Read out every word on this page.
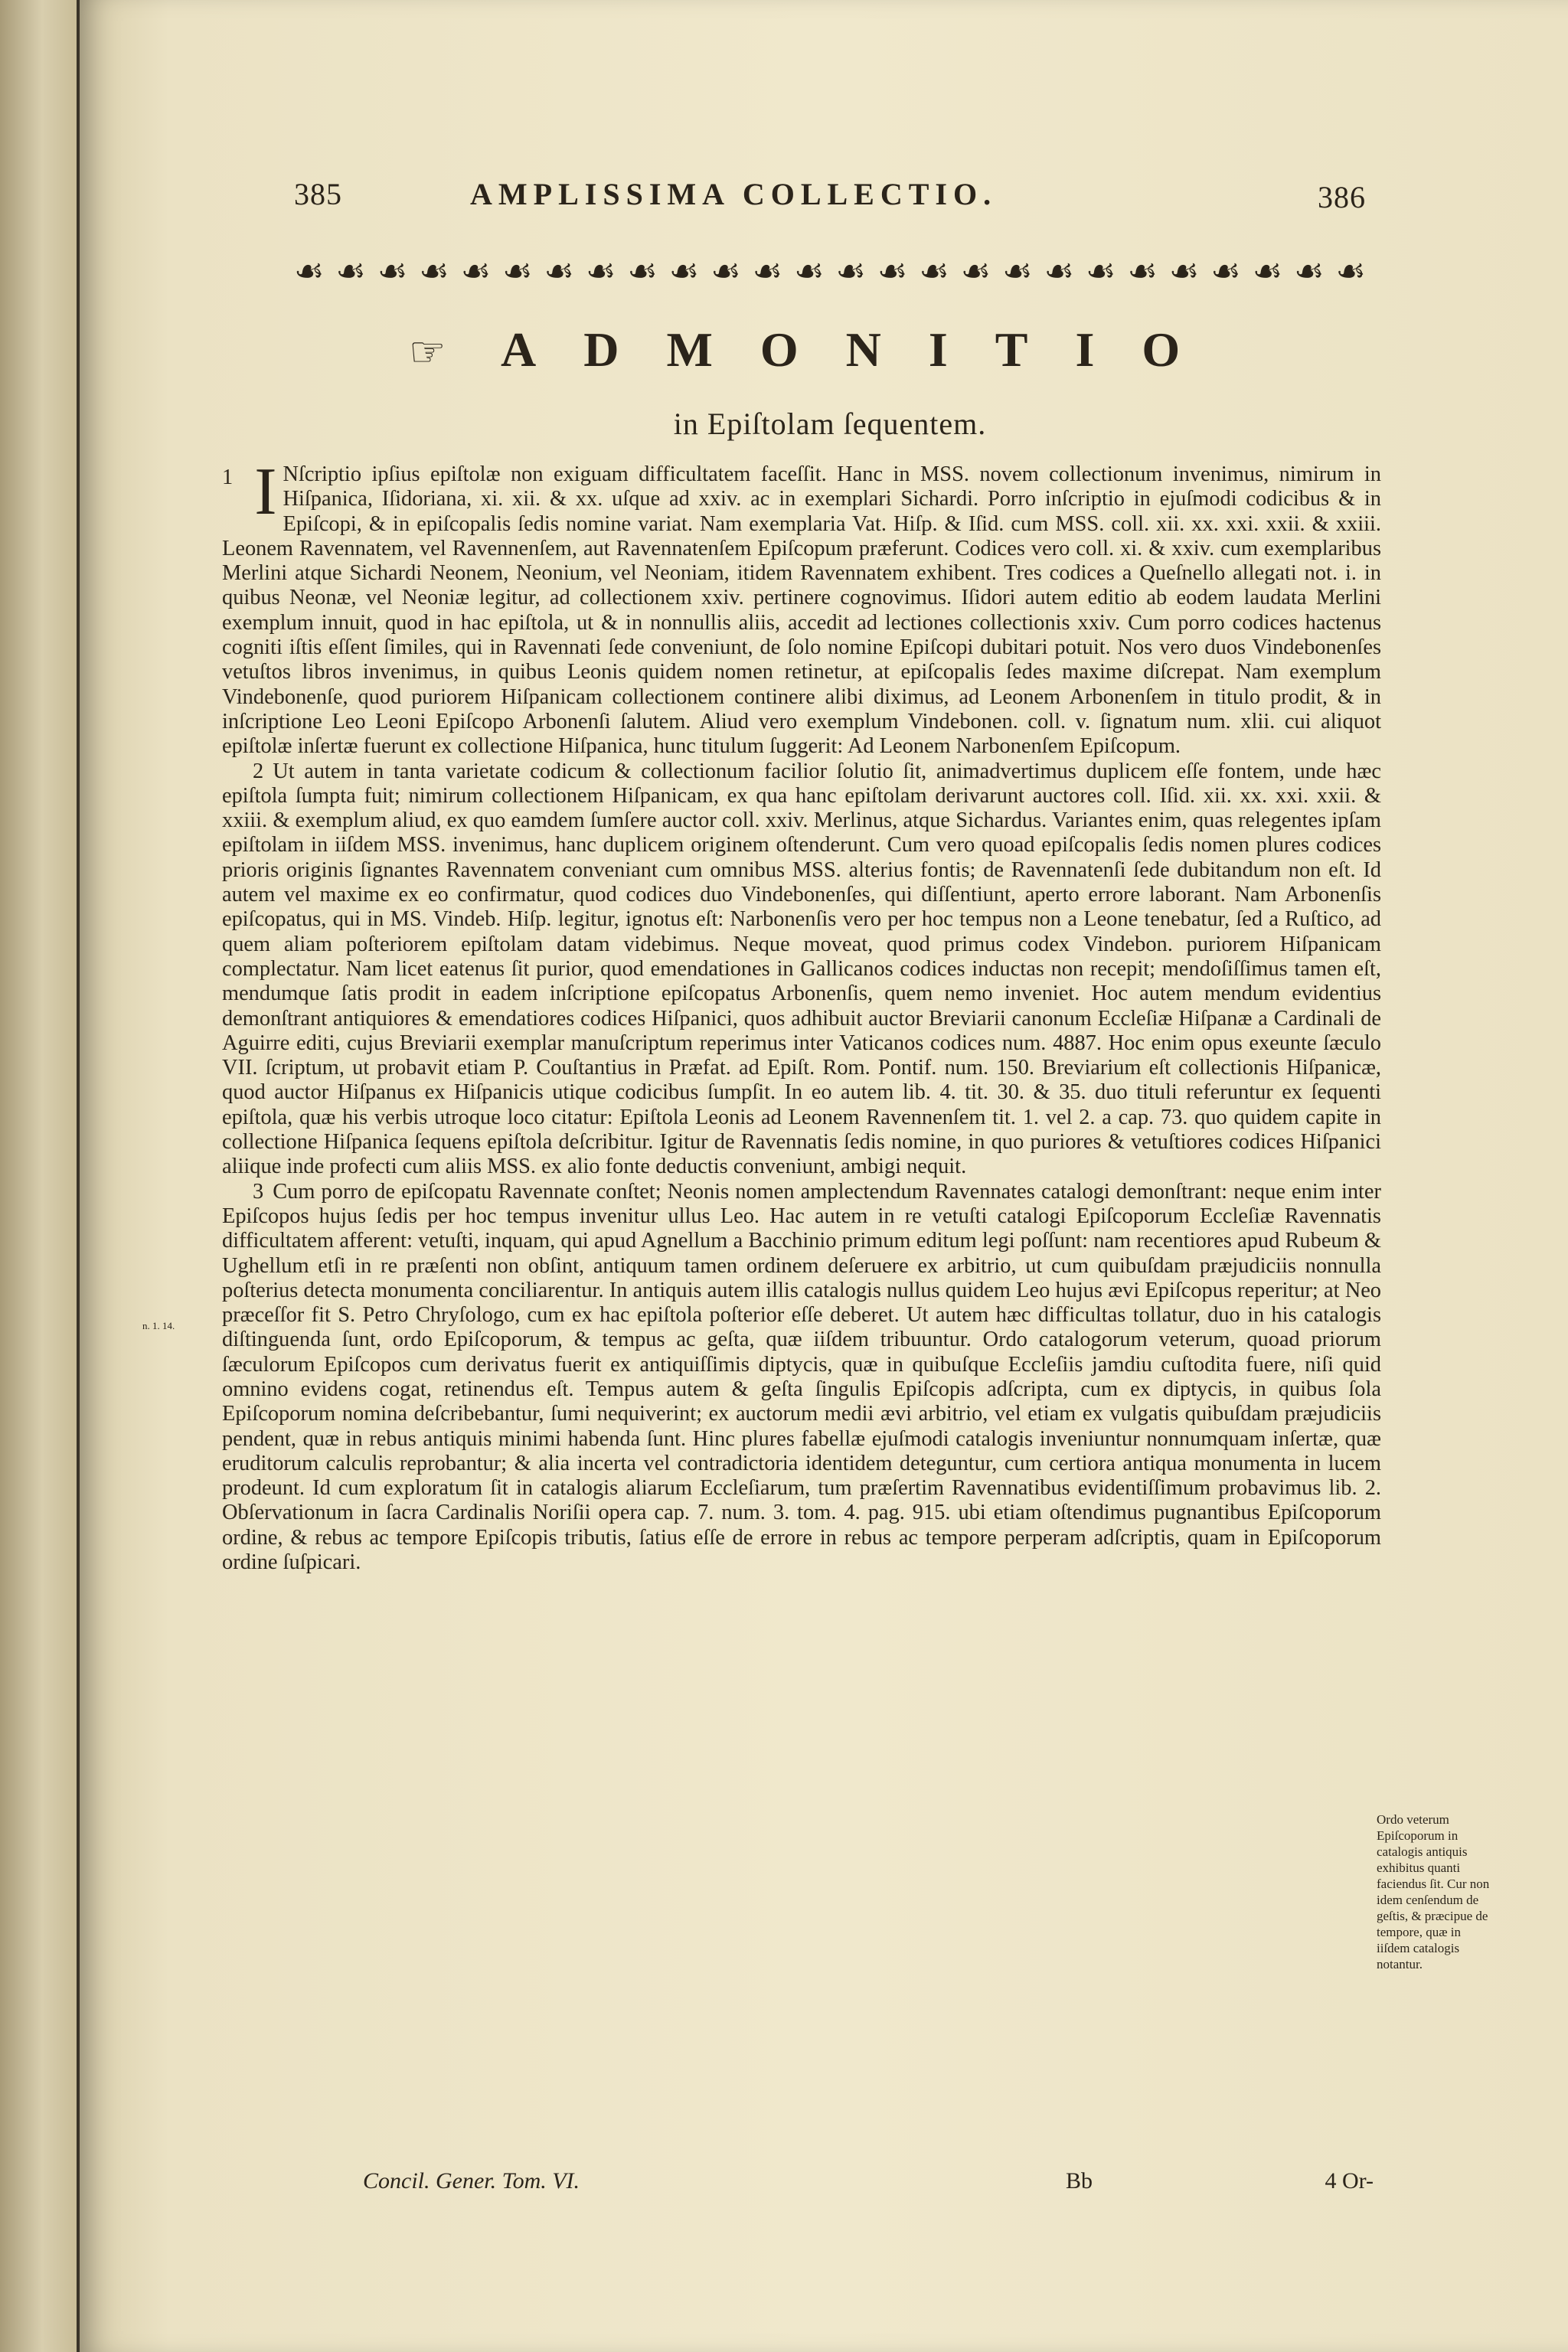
385	AMPLISSIMA COLLECTIO.	386
☙ ☙ ☙ ☙ ☙ ☙ ☙ ☙ ☙ ☙ ☙ ☙ ☙ ☙ ☙ ☙ ☙ ☙ ☙ ☙ ☙ ☙ ☙ ☙ ☙ ☙
☞ ADMONITIO
in Epiſtolam ſequentem.
n. 1. 14.

1 I Nſcriptio ipſius epiſtolæ non exiguam difficultatem faceſſit. Hanc in MSS. novem collectionum invenimus, nimirum in Hiſpanica, Iſidoriana, xi. xii. & xx. uſque ad xxiv. ac in exemplari Sichardi. Porro inſcriptio in ejuſmodi codicibus & in Epiſcopi, & in epiſcopalis ſedis nomine variat. Nam exemplaria Vat. Hiſp. & Iſid. cum MSS. coll. xii. xx. xxi. xxii. & xxiii. Leonem Ravennatem, vel Ravennenſem, aut Ravennatenſem Epiſcopum præferunt. Codices vero coll. xi. & xxiv. cum exemplaribus Merlini atque Sichardi Neonem, Neonium, vel Neoniam, itidem Ravennatem exhibent. Tres codices a Queſnello allegati not. i. in quibus Neonæ, vel Neoniæ legitur, ad collectionem xxiv. pertinere cognovimus. Iſidori autem editio ab eodem laudata Merlini exemplum innuit, quod in hac epiſtola, ut & in nonnullis aliis, accedit ad lectiones collectionis xxiv. Cum porro codices hactenus cogniti iſtis eſſent ſimiles, qui in Ravennati ſede conveniunt, de ſolo nomine Epiſcopi dubitari potuit. Nos vero duos Vindebonenſes vetuſtos libros invenimus, in quibus Leonis quidem nomen retinetur, at epiſcopalis ſedes maxime diſcrepat. Nam exemplum Vindebonenſe, quod puriorem Hiſpanicam collectionem continere alibi diximus, ad Leonem Arbonenſem in titulo prodit, & in inſcriptione Leo Leoni Epiſcopo Arbonenſi ſalutem. Aliud vero exemplum Vindebonen. coll. v. ſignatum num. xlii. cui aliquot epiſtolæ inſertæ fuerunt ex collectione Hiſpanica, hunc titulum ſuggerit: Ad Leonem Narbonenſem Epiſcopum.

2 Ut autem in tanta varietate codicum & collectionum facilior ſolutio ſit, animadvertimus duplicem eſſe fontem, unde hæc epiſtola ſumpta fuit; nimirum collectionem Hiſpanicam, ex qua hanc epiſtolam derivarunt auctores coll. Iſid. xii. xx. xxi. xxii. & xxiii. & exemplum aliud, ex quo eamdem ſumſere auctor coll. xxiv. Merlinus, atque Sichardus. Variantes enim, quas relegentes ipſam epiſtolam in iiſdem MSS. invenimus, hanc duplicem originem oſtenderunt. Cum vero quoad epiſcopalis ſedis nomen plures codices prioris originis ſignantes Ravennatem conveniant cum omnibus MSS. alterius fontis; de Ravennatenſi ſede dubitandum non eſt. Id autem vel maxime ex eo confirmatur, quod codices duo Vindebonenſes, qui diſſentiunt, aperto errore laborant. Nam Arbonenſis epiſcopatus, qui in MS. Vindeb. Hiſp. legitur, ignotus eſt: Narbonenſis vero per hoc tempus non a Leone tenebatur, ſed a Ruſtico, ad quem aliam poſteriorem epiſtolam datam videbimus. Neque moveat, quod primus codex Vindebon. puriorem Hiſpanicam complectatur. Nam licet eatenus ſit purior, quod emendationes in Gallicanos codices inductas non recepit; mendoſiſſimus tamen eſt, mendumque ſatis prodit in eadem inſcriptione epiſcopatus Arbonenſis, quem nemo inveniet. Hoc autem mendum evidentius demonſtrant antiquiores & emendatiores codices Hiſpanici, quos adhibuit auctor Breviarii canonum Eccleſiæ Hiſpanæ a Cardinali de Aguirre editi, cujus Breviarii exemplar manuſcriptum reperimus inter Vaticanos codices num. 4887. Hoc enim opus exeunte ſæculo VII. ſcriptum, ut probavit etiam P. Couſtantius in Præfat. ad Epiſt. Rom. Pontif. num. 150. Breviarium eſt collectionis Hiſpanicæ, quod auctor Hiſpanus ex Hiſpanicis utique codicibus ſumpſit. In eo autem lib. 4. tit. 30. & 35. duo tituli referuntur ex ſequenti epiſtola, quæ his verbis utroque loco citatur: Epiſtola Leonis ad Leonem Ravennenſem tit. 1. vel 2. a cap. 73. quo quidem capite in collectione Hiſpanica ſequens epiſtola deſcribitur. Igitur de Ravennatis ſedis nomine, in quo puriores & vetuſtiores codices Hiſpanici aliique inde profecti cum aliis MSS. ex alio fonte deductis conveniunt, ambigi nequit.

3 Cum porro de epiſcopatu Ravennate conſtet; Neonis nomen amplectendum Ravennates catalogi demonſtrant: neque enim inter Epiſcopos hujus ſedis per hoc tempus invenitur ullus Leo. Hac autem in re vetuſti catalogi Epiſcoporum Eccleſiæ Ravennatis difficultatem afferent: vetuſti, inquam, qui apud Agnellum a Bacchinio primum editum legi poſſunt: nam recentiores apud Rubeum & Ughellum etſi in re præſenti non obſint, antiquum tamen ordinem deſeruere ex arbitrio, ut cum quibuſdam præjudiciis nonnulla poſterius detecta monumenta conciliarentur. In antiquis autem illis catalogis nullus quidem Leo hujus ævi Epiſcopus reperitur; at Neo præceſſor fit S. Petro Chryſologo, cum ex hac epiſtola poſterior eſſe deberet. Ut autem hæc difficultas tollatur, duo in his catalogis diſtinguenda ſunt, ordo Epiſcoporum, & tempus ac geſta, quæ iiſdem tribuuntur. Ordo catalogorum veterum, quoad priorum ſæculorum Epiſcopos cum derivatus fuerit ex antiquiſſimis diptycis, quæ in quibuſque Eccleſiis jamdiu cuſtodita fuere, niſi quid omnino evidens cogat, retinendus eſt. Tempus autem & geſta ſingulis Epiſcopis adſcripta, cum ex diptycis, in quibus ſola Epiſcoporum nomina deſcribebantur, ſumi nequiverint; ex auctorum medii ævi arbitrio, vel etiam ex vulgatis quibuſdam præjudiciis pendent, quæ in rebus antiquis minimi habenda ſunt. Hinc plures fabellæ ejuſmodi catalogis inveniuntur nonnumquam inſertæ, quæ eruditorum calculis reprobantur; & alia incerta vel contradictoria identidem deteguntur, cum certiora antiqua monumenta in lucem prodeunt. Id cum exploratum ſit in catalogis aliarum Eccleſiarum, tum præſertim Ravennatibus evidentiſſimum probavimus lib. 2. Obſervationum in ſacra Cardinalis Noriſii opera cap. 7. num. 3. tom. 4. pag. 915. ubi etiam oſtendimus pugnantibus Epiſcoporum ordine, & rebus ac tempore Epiſcopis tributis, ſatius eſſe de errore in rebus ac tempore perperam adſcriptis, quam in Epiſcoporum ordine ſuſpicari.

Ordo veterum Epiſcoporum in catalogis antiquis exhibitus quanti faciendus ſit. Cur non idem cenſendum de geſtis, & præcipue de tempore, quæ in iiſdem catalogis notantur.
Concil. Gener. Tom. VI.	Bb	4 Or-
